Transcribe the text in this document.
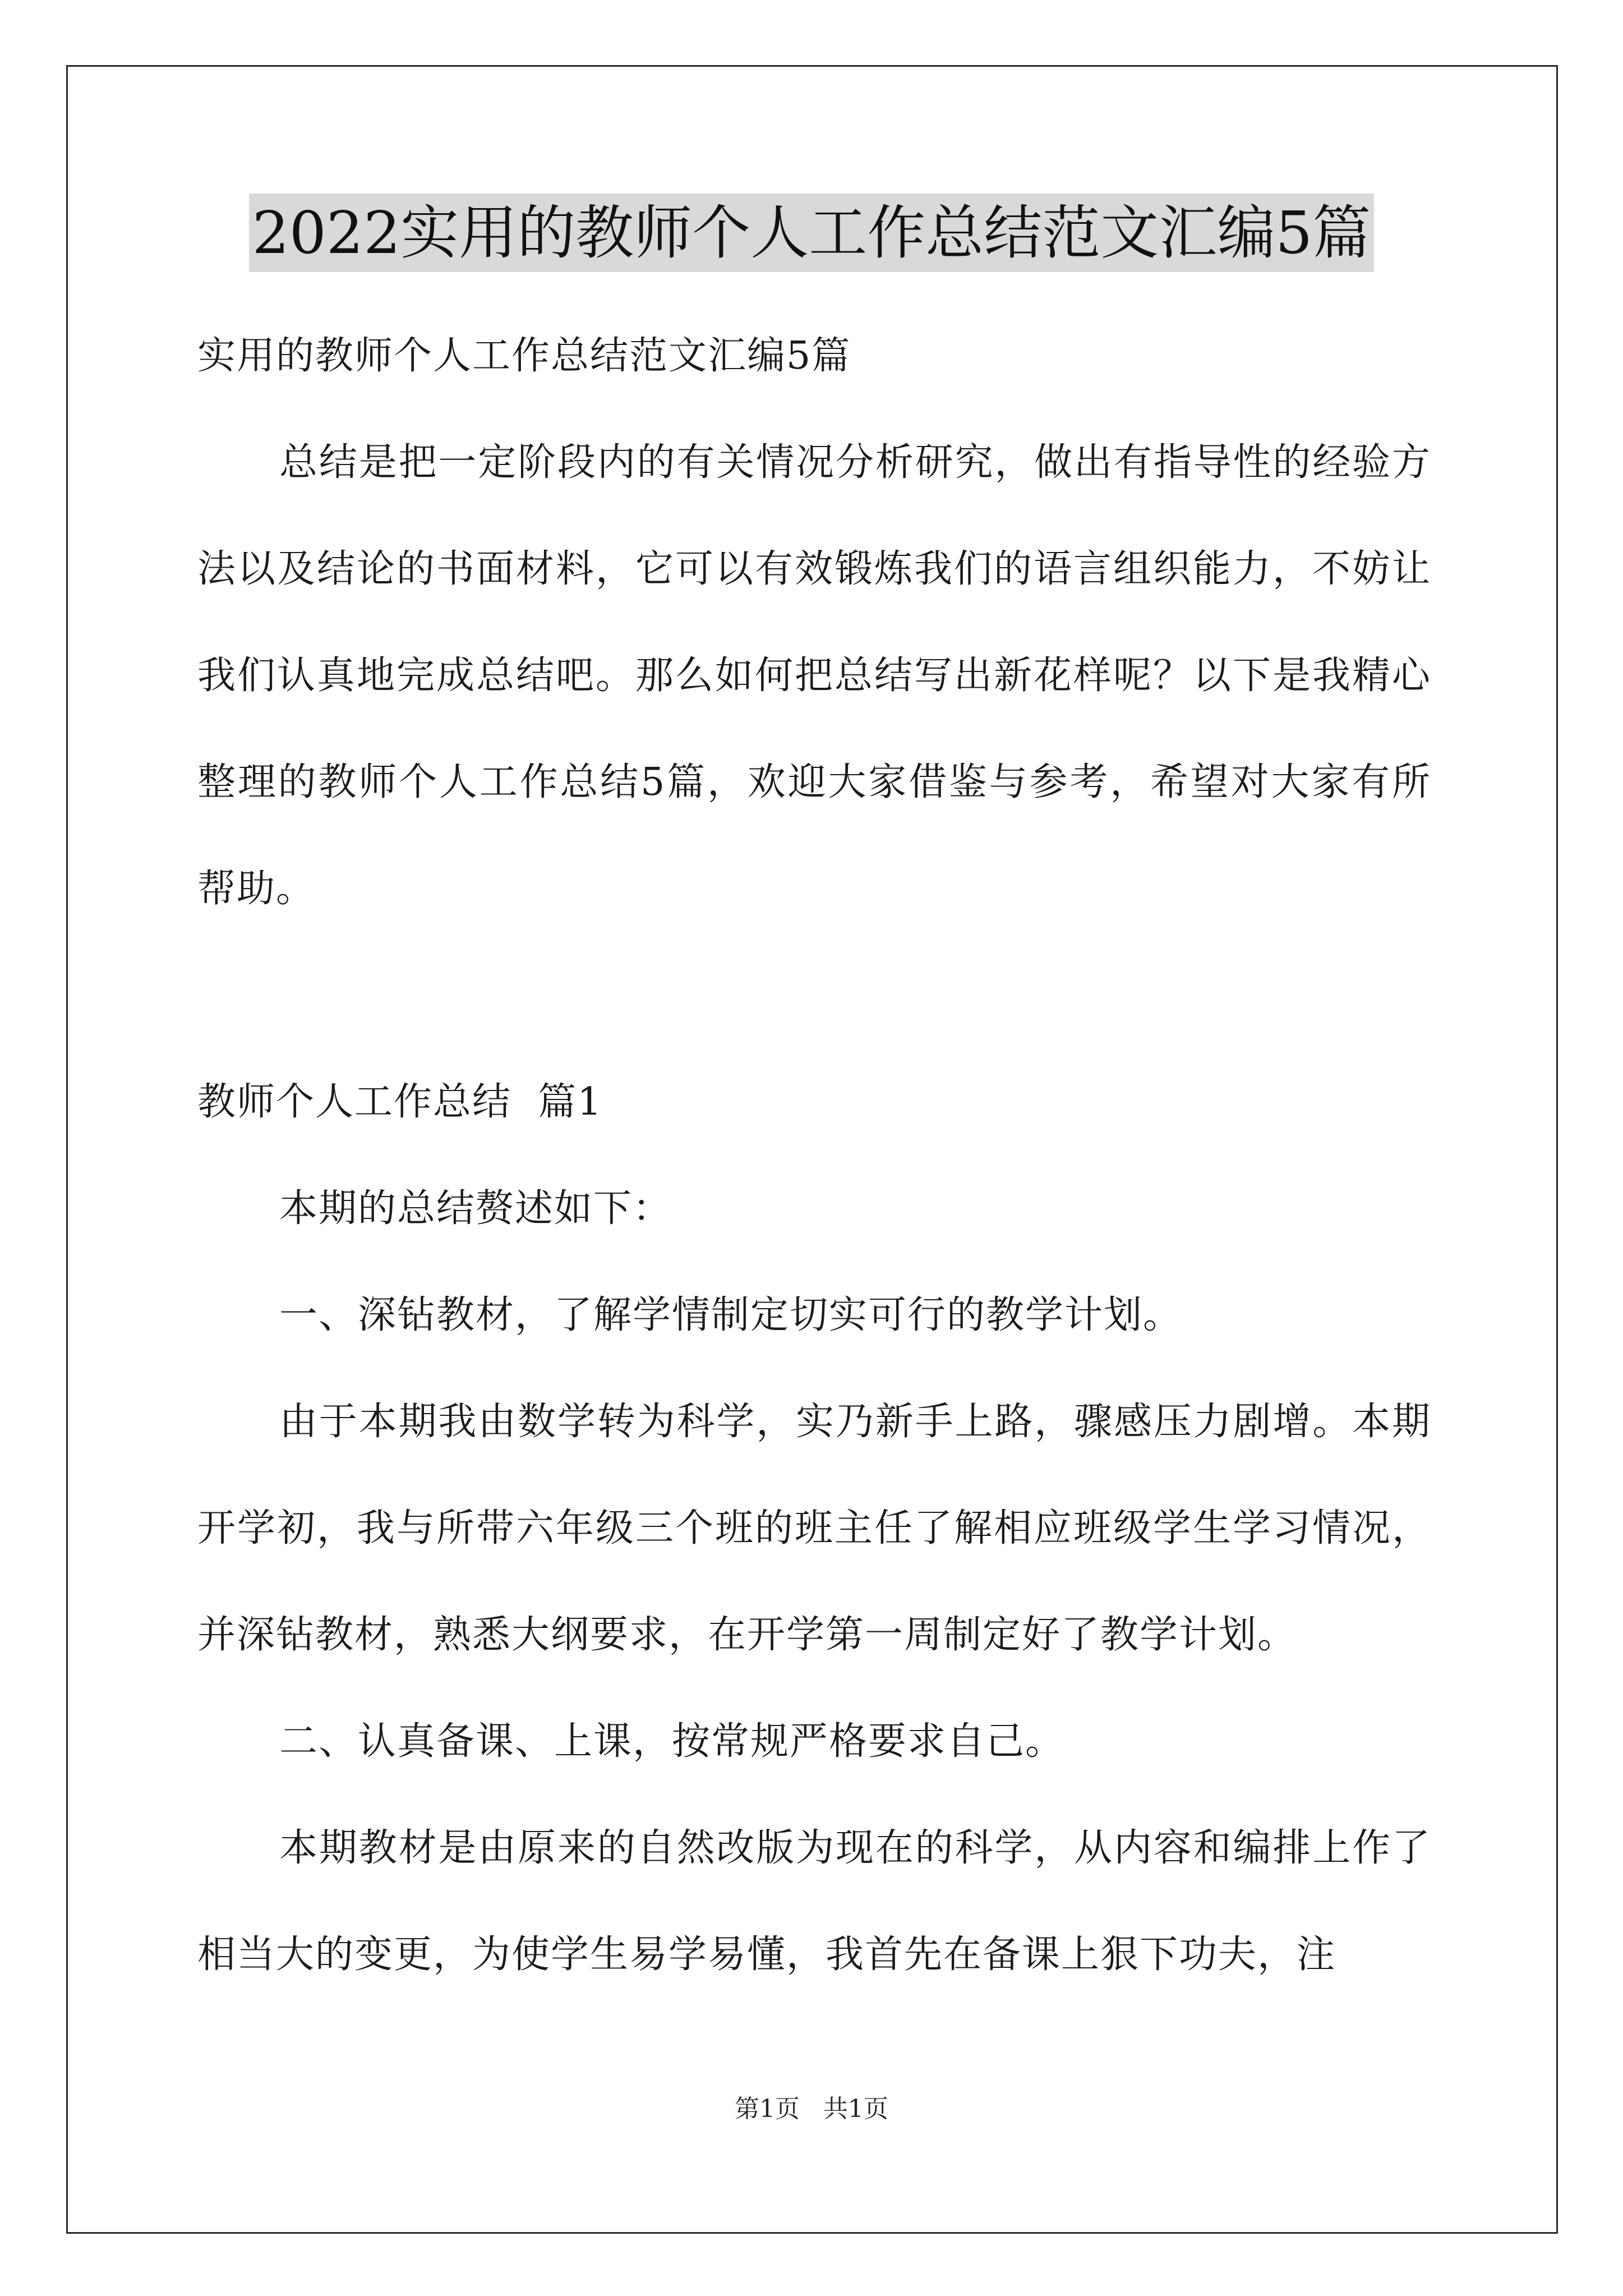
2022实用的教师个人工作总结范文汇编5篇
实用的教师个人工作总结范文汇编5篇

总结是把一定阶段内的有关情况分析研究，做出有指导性的经验方法以及结论的书面材料，它可以有效锻炼我们的语言组织能力，不妨让我们认真地完成总结吧。那么如何把总结写出新花样呢？以下是我精心整理的教师个人工作总结5篇，欢迎大家借鉴与参考，希望对大家有所帮助。

教师个人工作总结  篇1

本期的总结赘述如下：

一、深钻教材，了解学情制定切实可行的教学计划。

由于本期我由数学转为科学，实乃新手上路，骤感压力剧增。本期开学初，我与所带六年级三个班的班主任了解相应班级学生学习情况，并深钻教材，熟悉大纲要求，在开学第一周制定好了教学计划。

二、认真备课、上课，按常规严格要求自己。

本期教材是由原来的自然改版为现在的科学，从内容和编排上作了相当大的变更，为使学生易学易懂，我首先在备课上狠下功夫，注

第1页   共1页
